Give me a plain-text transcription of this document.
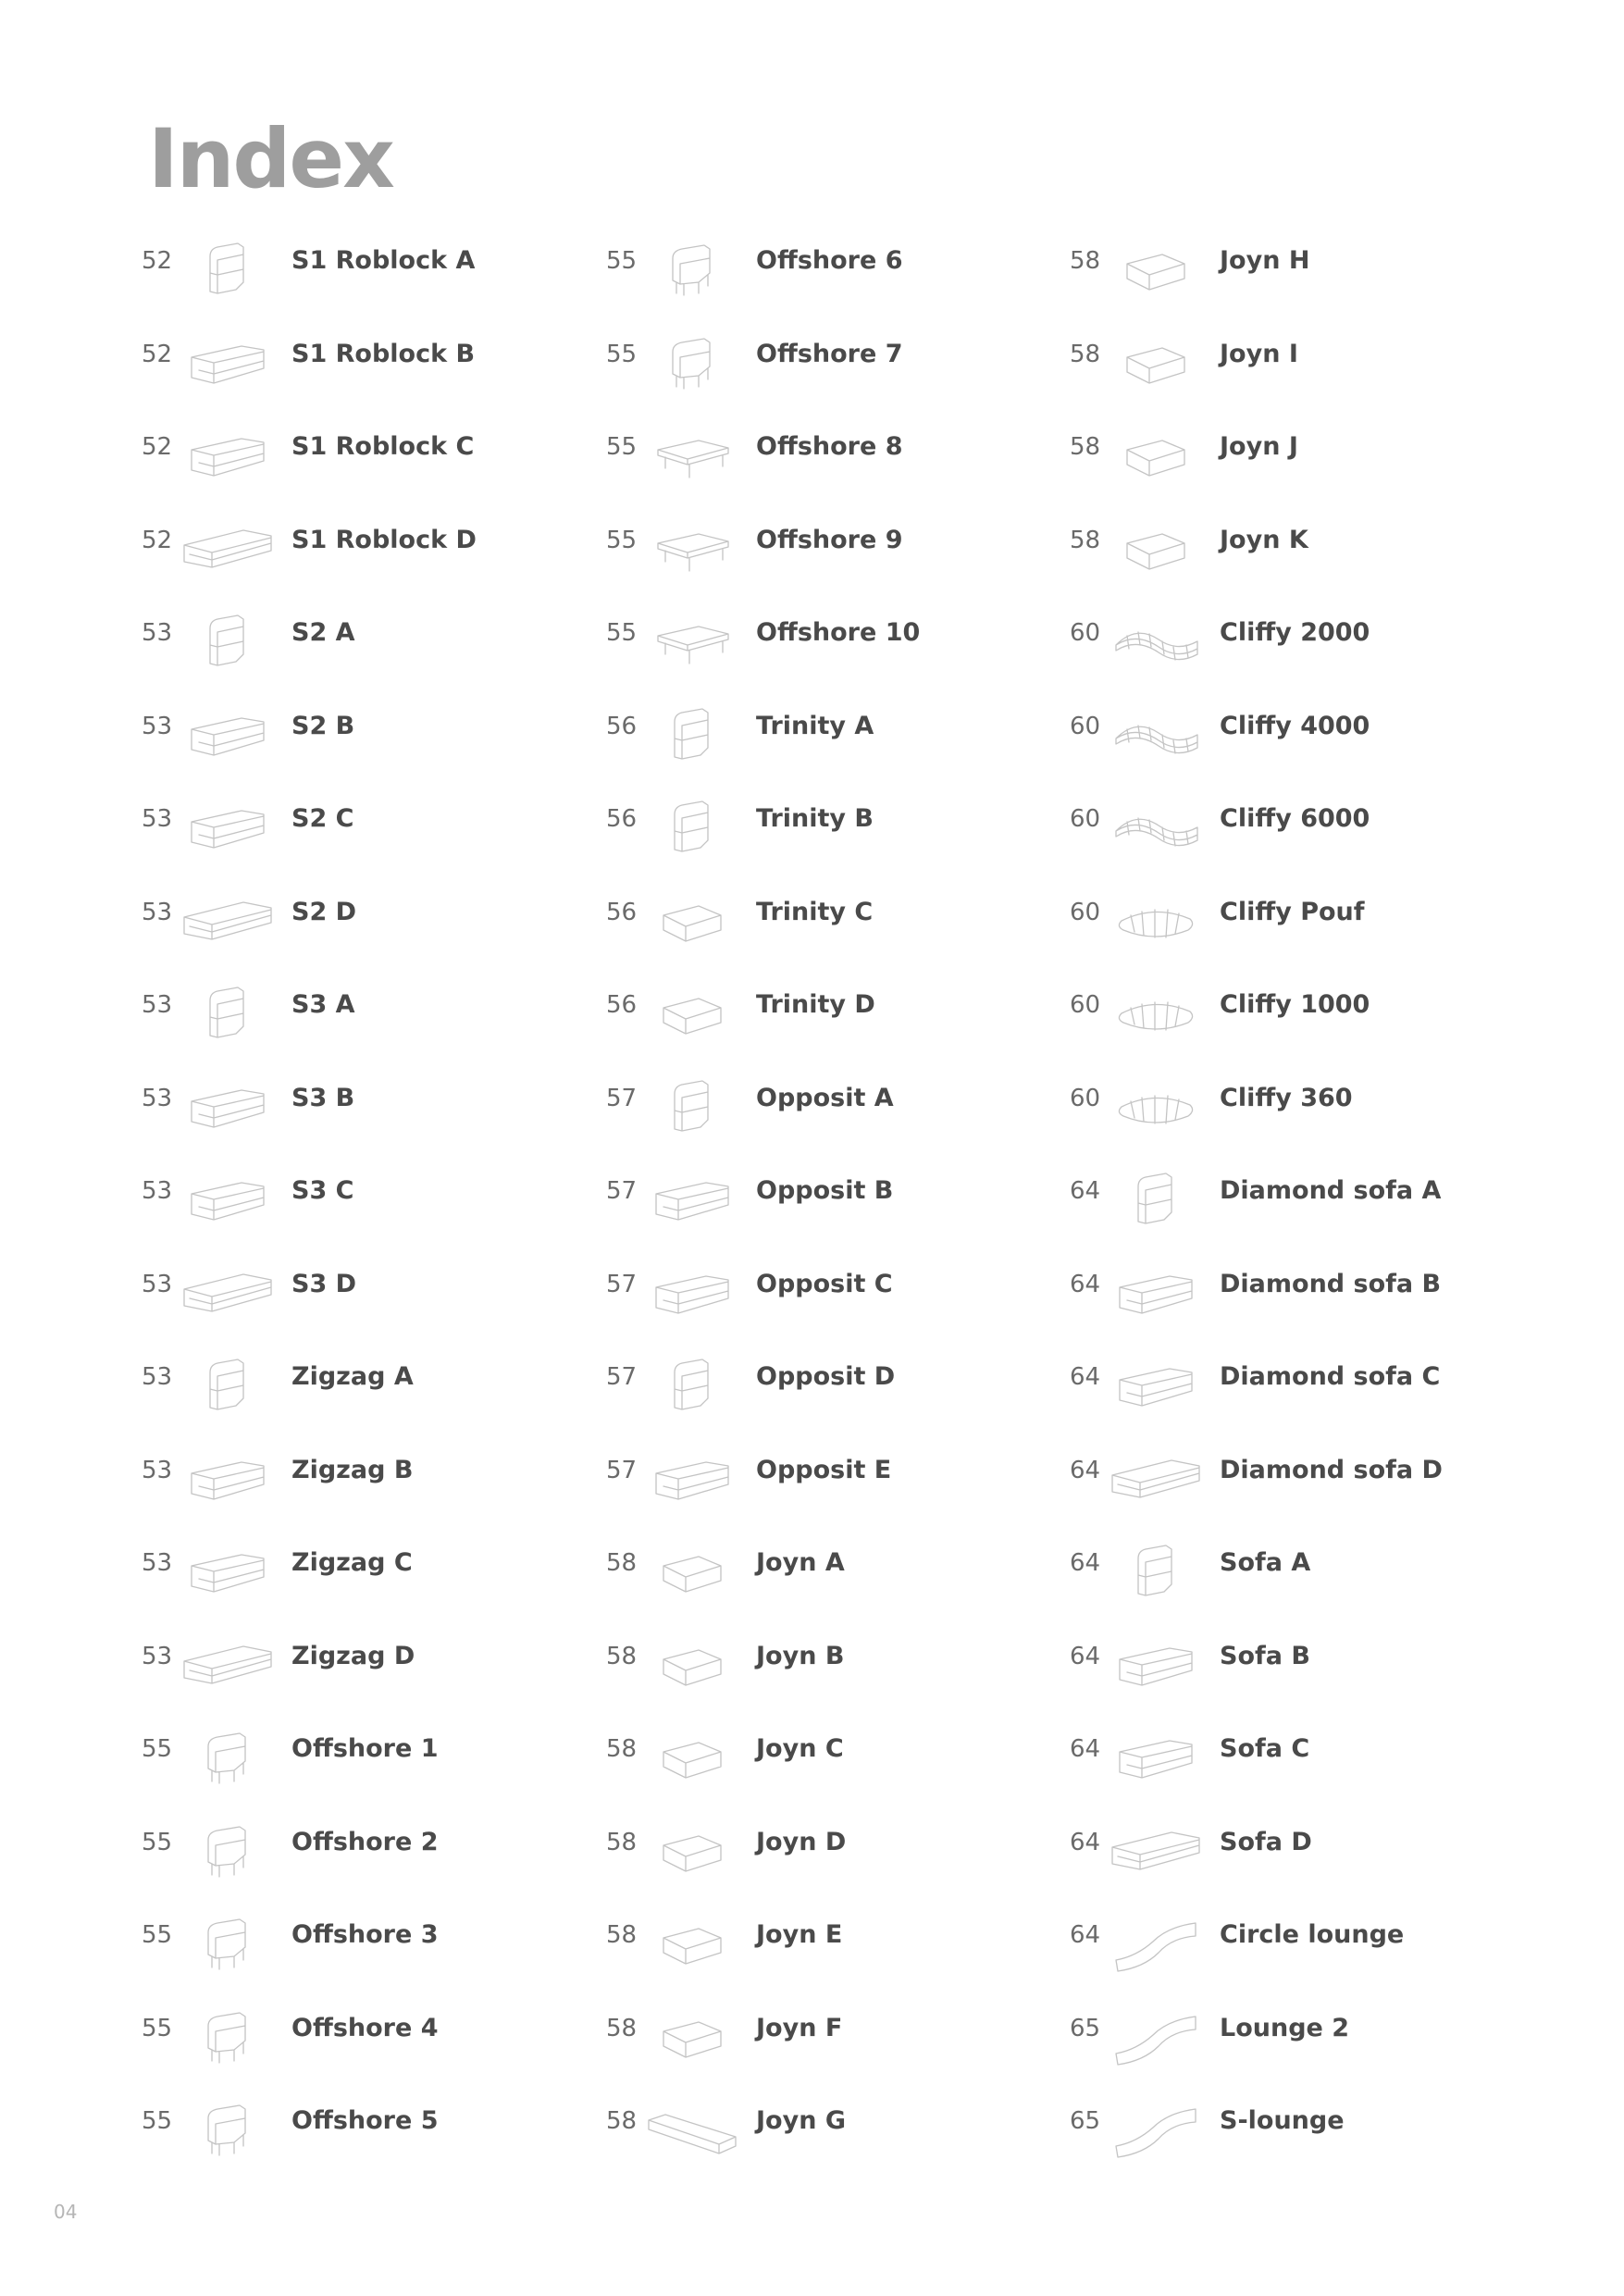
Index
52	S1 Roblock A
52	S1 Roblock B
52	S1 Roblock C
52	S1 Roblock D
53	S2 A
53	S2 B
53	S2 C
53	S2 D
53	S3 A
53	S3 B
53	S3 C
53	S3 D
53	Zigzag A
53	Zigzag B
53	Zigzag C
53	Zigzag D
55	Offshore 1
55	Offshore 2
55	Offshore 3
55	Offshore 4
55	Offshore 5
55	Offshore 6
55	Offshore 7
55	Offshore 8
55	Offshore 9
55	Offshore 10
56	Trinity A
56	Trinity B
56	Trinity C
56	Trinity D
57	Opposit A
57	Opposit B
57	Opposit C
57	Opposit D
57	Opposit E
58	Joyn A
58	Joyn B
58	Joyn C
58	Joyn D
58	Joyn E
58	Joyn F
58	Joyn G
58	Joyn H
58	Joyn I
58	Joyn J
58	Joyn K
60	Cliffy 2000
60	Cliffy 4000
60	Cliffy 6000
60	Cliffy Pouf
60	Cliffy 1000
60	Cliffy 360
64	Diamond sofa A
64	Diamond sofa B
64	Diamond sofa C
64	Diamond sofa D
64	Sofa A
64	Sofa B
64	Sofa C
64	Sofa D
64	Circle lounge
65	Lounge 2
65	S-lounge
04
